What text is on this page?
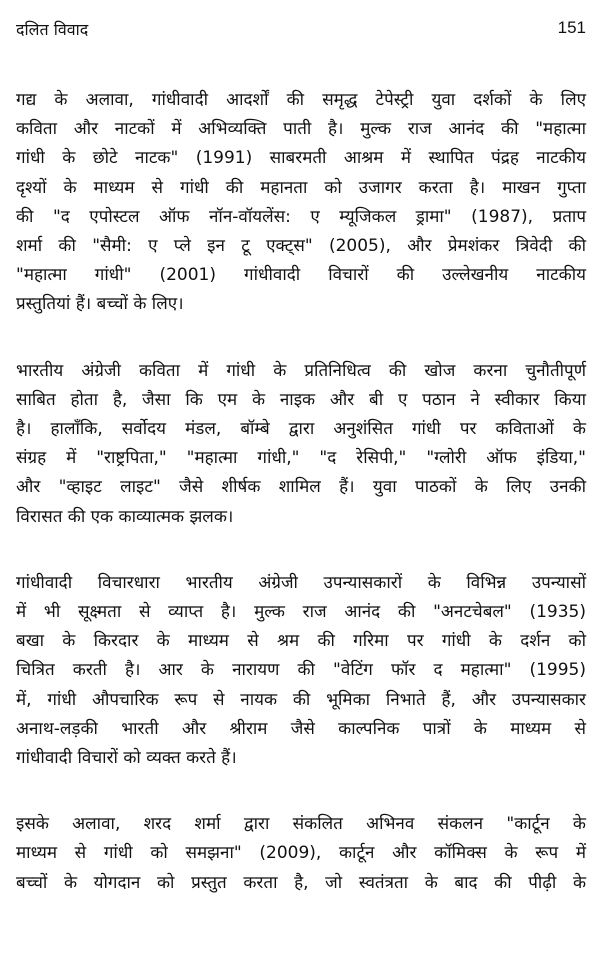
दलित विवाद	151
गद्य के अलावा, गांधीवादी आदर्शों की समृद्ध टेपेस्ट्री युवा दर्शकों के लिए
कविता और नाटकों में अभिव्यक्ति पाती है। मुल्क राज आनंद की "महात्मा
गांधी के छोटे नाटक" (1991) साबरमती आश्रम में स्थापित पंद्रह नाटकीय
दृश्यों के माध्यम से गांधी की महानता को उजागर करता है। माखन गुप्ता
की "द एपोस्टल ऑफ नॉन-वॉयलेंस: ए म्यूजिकल ड्रामा" (1987), प्रताप
शर्मा की "सैमी: ए प्ले इन टू एक्ट्स" (2005), और प्रेमशंकर त्रिवेदी की
"महात्मा गांधी" (2001) गांधीवादी विचारों की उल्लेखनीय नाटकीय
प्रस्तुतियां हैं। बच्चों के लिए।
भारतीय अंग्रेजी कविता में गांधी के प्रतिनिधित्व की खोज करना चुनौतीपूर्ण
साबित होता है, जैसा कि एम के नाइक और बी ए पठान ने स्वीकार किया
है। हालाँकि, सर्वोदय मंडल, बॉम्बे द्वारा अनुशंसित गांधी पर कविताओं के
संग्रह में "राष्ट्रपिता," "महात्मा गांधी," "द रेसिपी," "ग्लोरी ऑफ इंडिया,"
और "व्हाइट लाइट" जैसे शीर्षक शामिल हैं। युवा पाठकों के लिए उनकी
विरासत की एक काव्यात्मक झलक।
गांधीवादी विचारधारा भारतीय अंग्रेजी उपन्यासकारों के विभिन्न उपन्यासों
में भी सूक्ष्मता से व्याप्त है। मुल्क राज आनंद की "अनटचेबल" (1935)
बखा के किरदार के माध्यम से श्रम की गरिमा पर गांधी के दर्शन को
चित्रित करती है। आर के नारायण की "वेटिंग फॉर द महात्मा" (1995)
में, गांधी औपचारिक रूप से नायक की भूमिका निभाते हैं, और उपन्यासकार
अनाथ-लड़की भारती और श्रीराम जैसे काल्पनिक पात्रों के माध्यम से
गांधीवादी विचारों को व्यक्त करते हैं।
इसके अलावा, शरद शर्मा द्वारा संकलित अभिनव संकलन "कार्टून के
माध्यम से गांधी को समझना" (2009), कार्टून और कॉमिक्स के रूप में
बच्चों के योगदान को प्रस्तुत करता है, जो स्वतंत्रता के बाद की पीढ़ी के
